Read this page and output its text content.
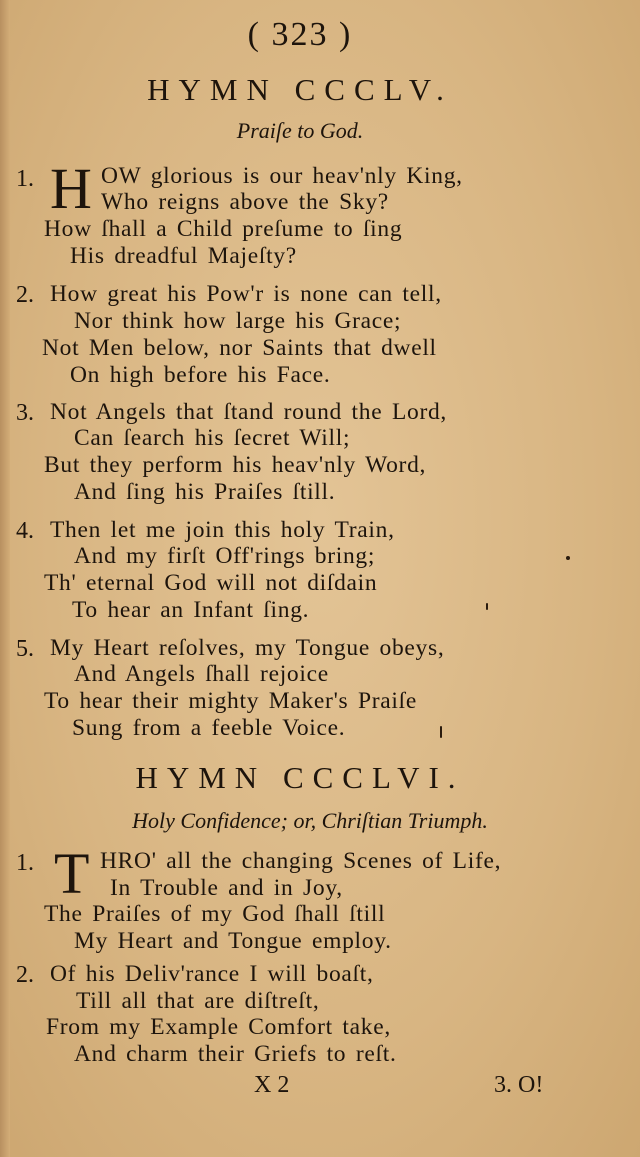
( 323 )
HYMN CCCLV.
Praiſe to God.
1. H OW glorious is our heav'nly King,
Who reigns above the Sky?
How ſhall a Child preſume to ſing
His dreadful Majeſty?
2. How great his Pow'r is none can tell,
Nor think how large his Grace;
Not Men below, nor Saints that dwell
On high before his Face.
3. Not Angels that ſtand round the Lord,
Can ſearch his ſecret Will;
But they perform his heav'nly Word,
And ſing his Praiſes ſtill.
4. Then let me join this holy Train,
And my firſt Off'rings bring;
Th' eternal God will not diſdain
To hear an Infant ſing.
5. My Heart reſolves, my Tongue obeys,
And Angels ſhall rejoice
To hear their mighty Maker's Praiſe
Sung from a feeble Voice.
HYMN CCCLVI.
Holy Confidence; or, Chriſtian Triumph.
1. T HRO' all the changing Scenes of Life,
In Trouble and in Joy,
The Praiſes of my God ſhall ſtill
My Heart and Tongue employ.
2. Of his Deliv'rance I will boaſt,
Till all that are diſtreſt,
From my Example Comfort take,
And charm their Griefs to reſt.
X 2	3. O!
